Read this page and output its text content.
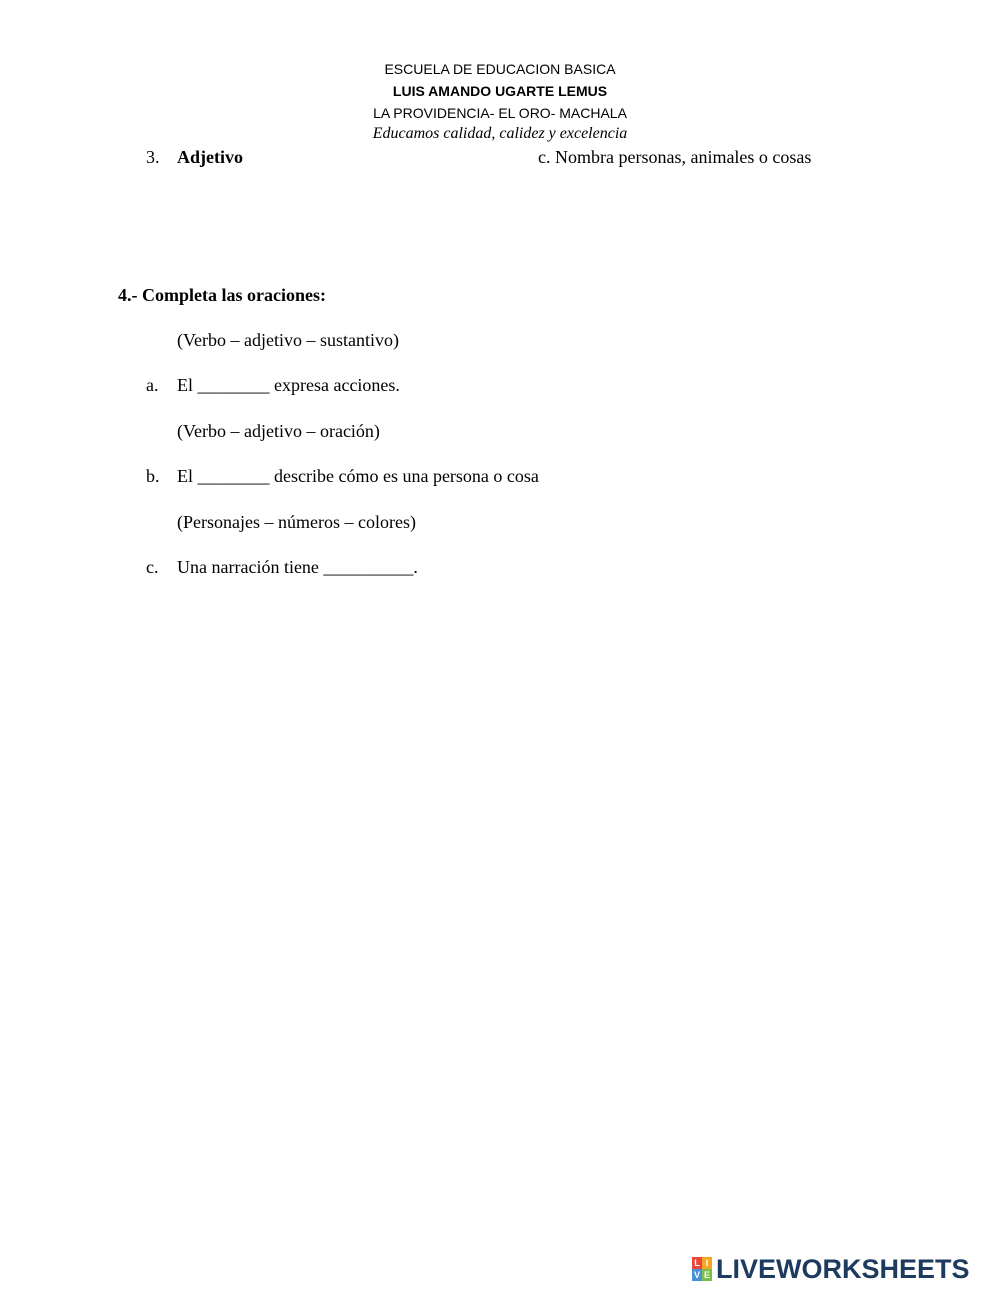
ESCUELA DE EDUCACION BASICA
LUIS AMANDO UGARTE LEMUS
LA PROVIDENCIA- EL ORO- MACHALA
Educamos calidad, calidez y excelencia
3. Adjetivo	c. Nombra personas, animales o cosas
4.- Completa las oraciones:
(Verbo – adjetivo – sustantivo)
a. El ________ expresa acciones.
(Verbo – adjetivo – oración)
b. El ________ describe cómo es una persona o cosa
(Personajes – números – colores)
c. Una narración tiene __________.
L I
V E LIVEWORKSHEETS
